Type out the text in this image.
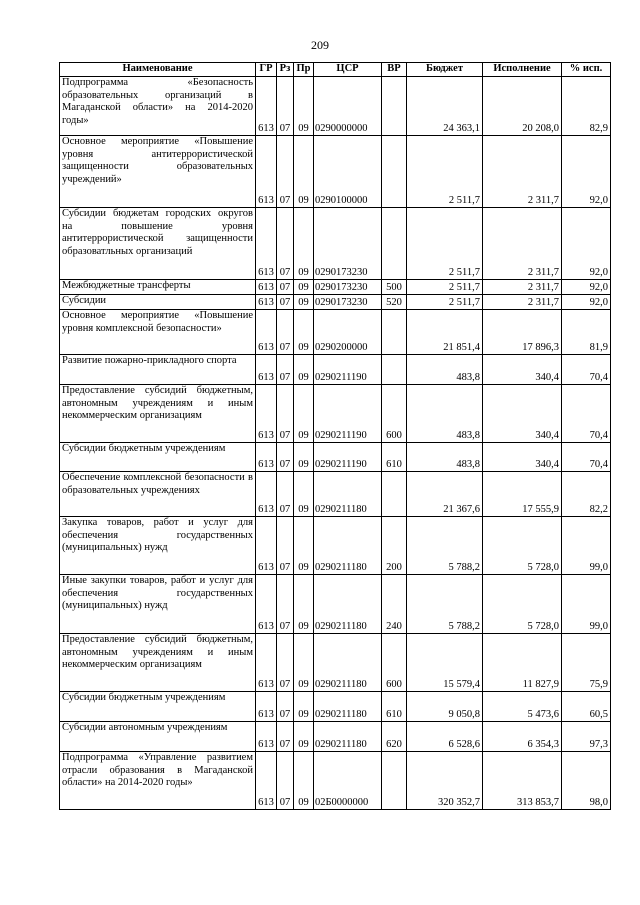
209
Наименование	ГР	Рз	Пр	ЦСР	ВР	Бюджет	Исполнение	% исп.
Подпрограмма «Безопасность образовательных организаций в Магаданской области» на 2014-2020 годы»	613	07	09	0290000000		24 363,1	20 208,0	82,9
Основное мероприятие «Повышение уровня антитеррористической защищенности образовательных учреждений»	613	07	09	0290100000		2 511,7	2 311,7	92,0
Субсидии бюджетам городских округов на повышение уровня антитеррористической защищенности образоватльных организаций	613	07	09	0290173230		2 511,7	2 311,7	92,0
Межбюджетные трансферты	613	07	09	0290173230	500	2 511,7	2 311,7	92,0
Субсидии	613	07	09	0290173230	520	2 511,7	2 311,7	92,0
Основное мероприятие «Повышение уровня комплексной безопасности»	613	07	09	0290200000		21 851,4	17 896,3	81,9
Развитие пожарно-прикладного спорта	613	07	09	0290211190		483,8	340,4	70,4
Предоставление субсидий бюджетным, автономным учреждениям и иным некоммерческим организациям	613	07	09	0290211190	600	483,8	340,4	70,4
Субсидии бюджетным учреждениям	613	07	09	0290211190	610	483,8	340,4	70,4
Обеспечение комплексной безопасности в образовательных учреждениях	613	07	09	0290211180		21 367,6	17 555,9	82,2
Закупка товаров, работ и услуг для обеспечения государственных (муниципальных) нужд	613	07	09	0290211180	200	5 788,2	5 728,0	99,0
Иные закупки товаров, работ и услуг для обеспечения государственных (муниципальных) нужд	613	07	09	0290211180	240	5 788,2	5 728,0	99,0
Предоставление субсидий бюджетным, автономным учреждениям и иным некоммерческим организациям	613	07	09	0290211180	600	15 579,4	11 827,9	75,9
Субсидии бюджетным учреждениям	613	07	09	0290211180	610	9 050,8	5 473,6	60,5
Субсидии автономным учреждениям	613	07	09	0290211180	620	6 528,6	6 354,3	97,3
Подпрограмма «Управление развитием отрасли образования в Магаданской области» на 2014-2020 годы»	613	07	09	02Б0000000		320 352,7	313 853,7	98,0
